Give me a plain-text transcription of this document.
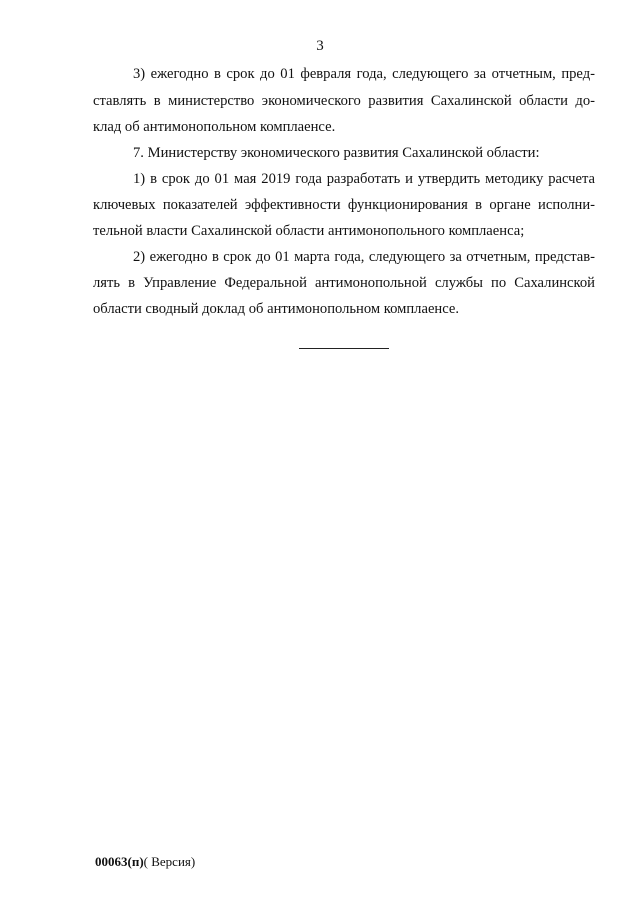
3
3) ежегодно в срок до 01 февраля года, следующего за отчетным, пред-
ставлять в министерство экономического развития Сахалинской области до-
клад об антимонопольном комплаенсе.
7. Министерству экономического развития Сахалинской области:
1) в срок до 01 мая 2019 года разработать и утвердить методику расчета
ключевых показателей эффективности функционирования в органе исполни-
тельной власти Сахалинской области антимонопольного комплаенса;
2) ежегодно в срок до 01 марта года, следующего за отчетным, представ-
лять в Управление Федеральной антимонопольной службы по Сахалинской
области сводный доклад об антимонопольном комплаенсе.
00063(п)( Версия)
